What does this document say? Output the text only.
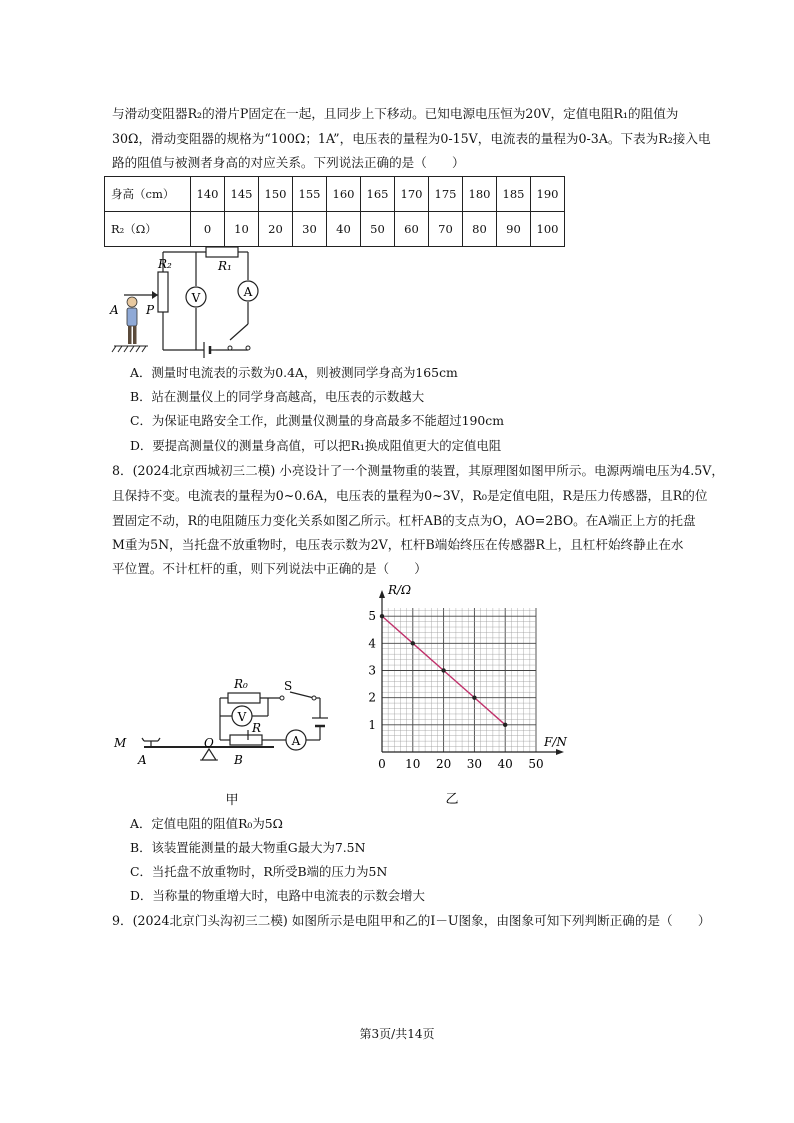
与滑动变阻器R₂的滑片P固定在一起，且同步上下移动。已知电源电压恒为20V，定值电阻R₁的阻值为
30Ω，滑动变阻器的规格为“100Ω；1A”，电压表的量程为0-15V，电流表的量程为0-3A。下表为R₂接入电
路的阻值与被测者身高的对应关系。下列说法正确的是（　　）
身高（cm）	140	145	150	155	160	165	170	175	180	185	190
R₂（Ω）	0	10	20	30	40	50	60	70	80	90	100
V	A
R₁
R₂
A P
A．测量时电流表的示数为0.4A，则被测同学身高为165cm
B．站在测量仪上的同学身高越高，电压表的示数越大
C．为保证电路安全工作，此测量仪测量的身高最多不能超过190cm
D．要提高测量仪的测量身高值，可以把R₁换成阻值更大的定值电阻
8．(2024北京西城初三二模) 小亮设计了一个测量物重的装置，其原理图如图甲所示。电源两端电压为4.5V，
且保持不变。电流表的量程为0~0.6A，电压表的量程为0~3V，R₀是定值电阻，R是压力传感器，且R的位
置固定不动，R的电阻随压力变化关系如图乙所示。杠杆AB的支点为O，AO=2BO。在A端正上方的托盘
M重为5N，当托盘不放重物时，电压表示数为2V，杠杆B端始终压在传感器R上，且杠杆始终静止在水
平位置。不计杠杆的重，则下列说法中正确的是（　　）
V
A
R₀	S
R
M
A
O
B
甲
0 10 20 30 40 50
1
2
3
4
5
R/Ω
F/N
乙
A．定值电阻的阻值R₀为5Ω
B．该装置能测量的最大物重G最大为7.5N
C．当托盘不放重物时，R所受B端的压力为5N
D．当称量的物重增大时，电路中电流表的示数会增大
9．(2024北京门头沟初三二模) 如图所示是电阻甲和乙的I－U图象，由图象可知下列判断正确的是（　　）
第3页/共14页
